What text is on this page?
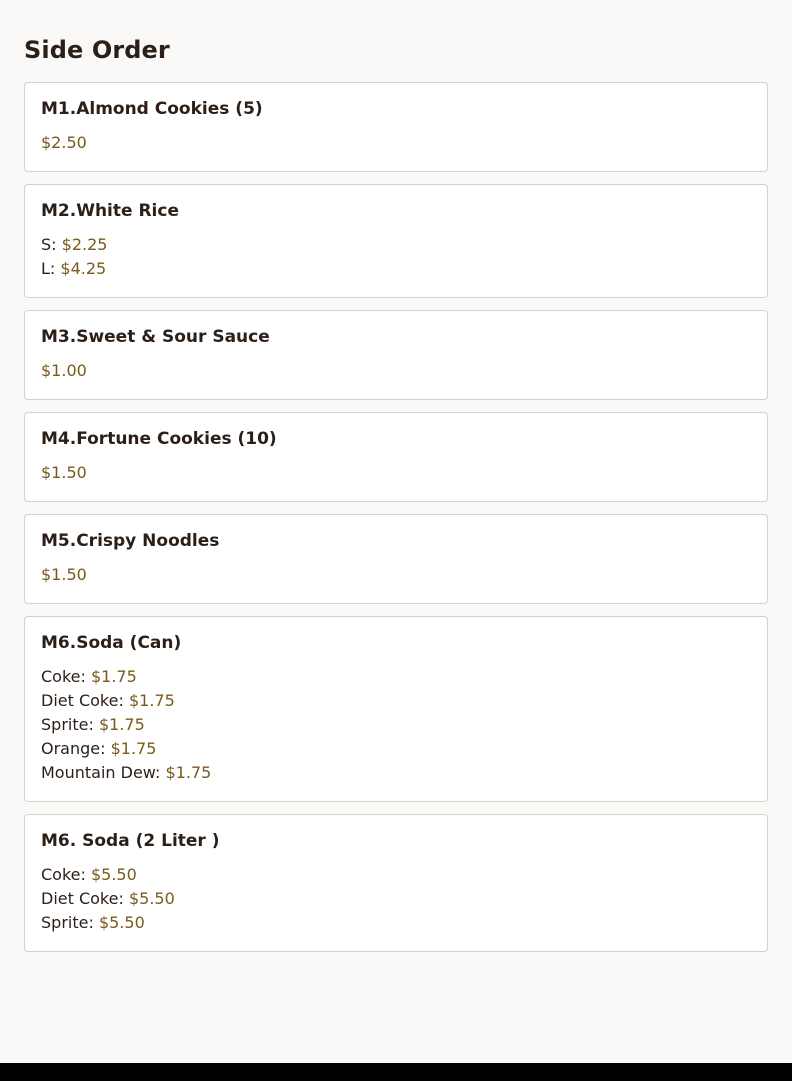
Side Order
M1.Almond Cookies (5)
$2.50
M2.White Rice
S: $2.25
L: $4.25
M3.Sweet & Sour Sauce
$1.00
M4.Fortune Cookies (10)
$1.50
M5.Crispy Noodles
$1.50
M6.Soda (Can)
Coke: $1.75
Diet Coke: $1.75
Sprite: $1.75
Orange: $1.75
Mountain Dew: $1.75
M6. Soda (2 Liter )
Coke: $5.50
Diet Coke: $5.50
Sprite: $5.50
